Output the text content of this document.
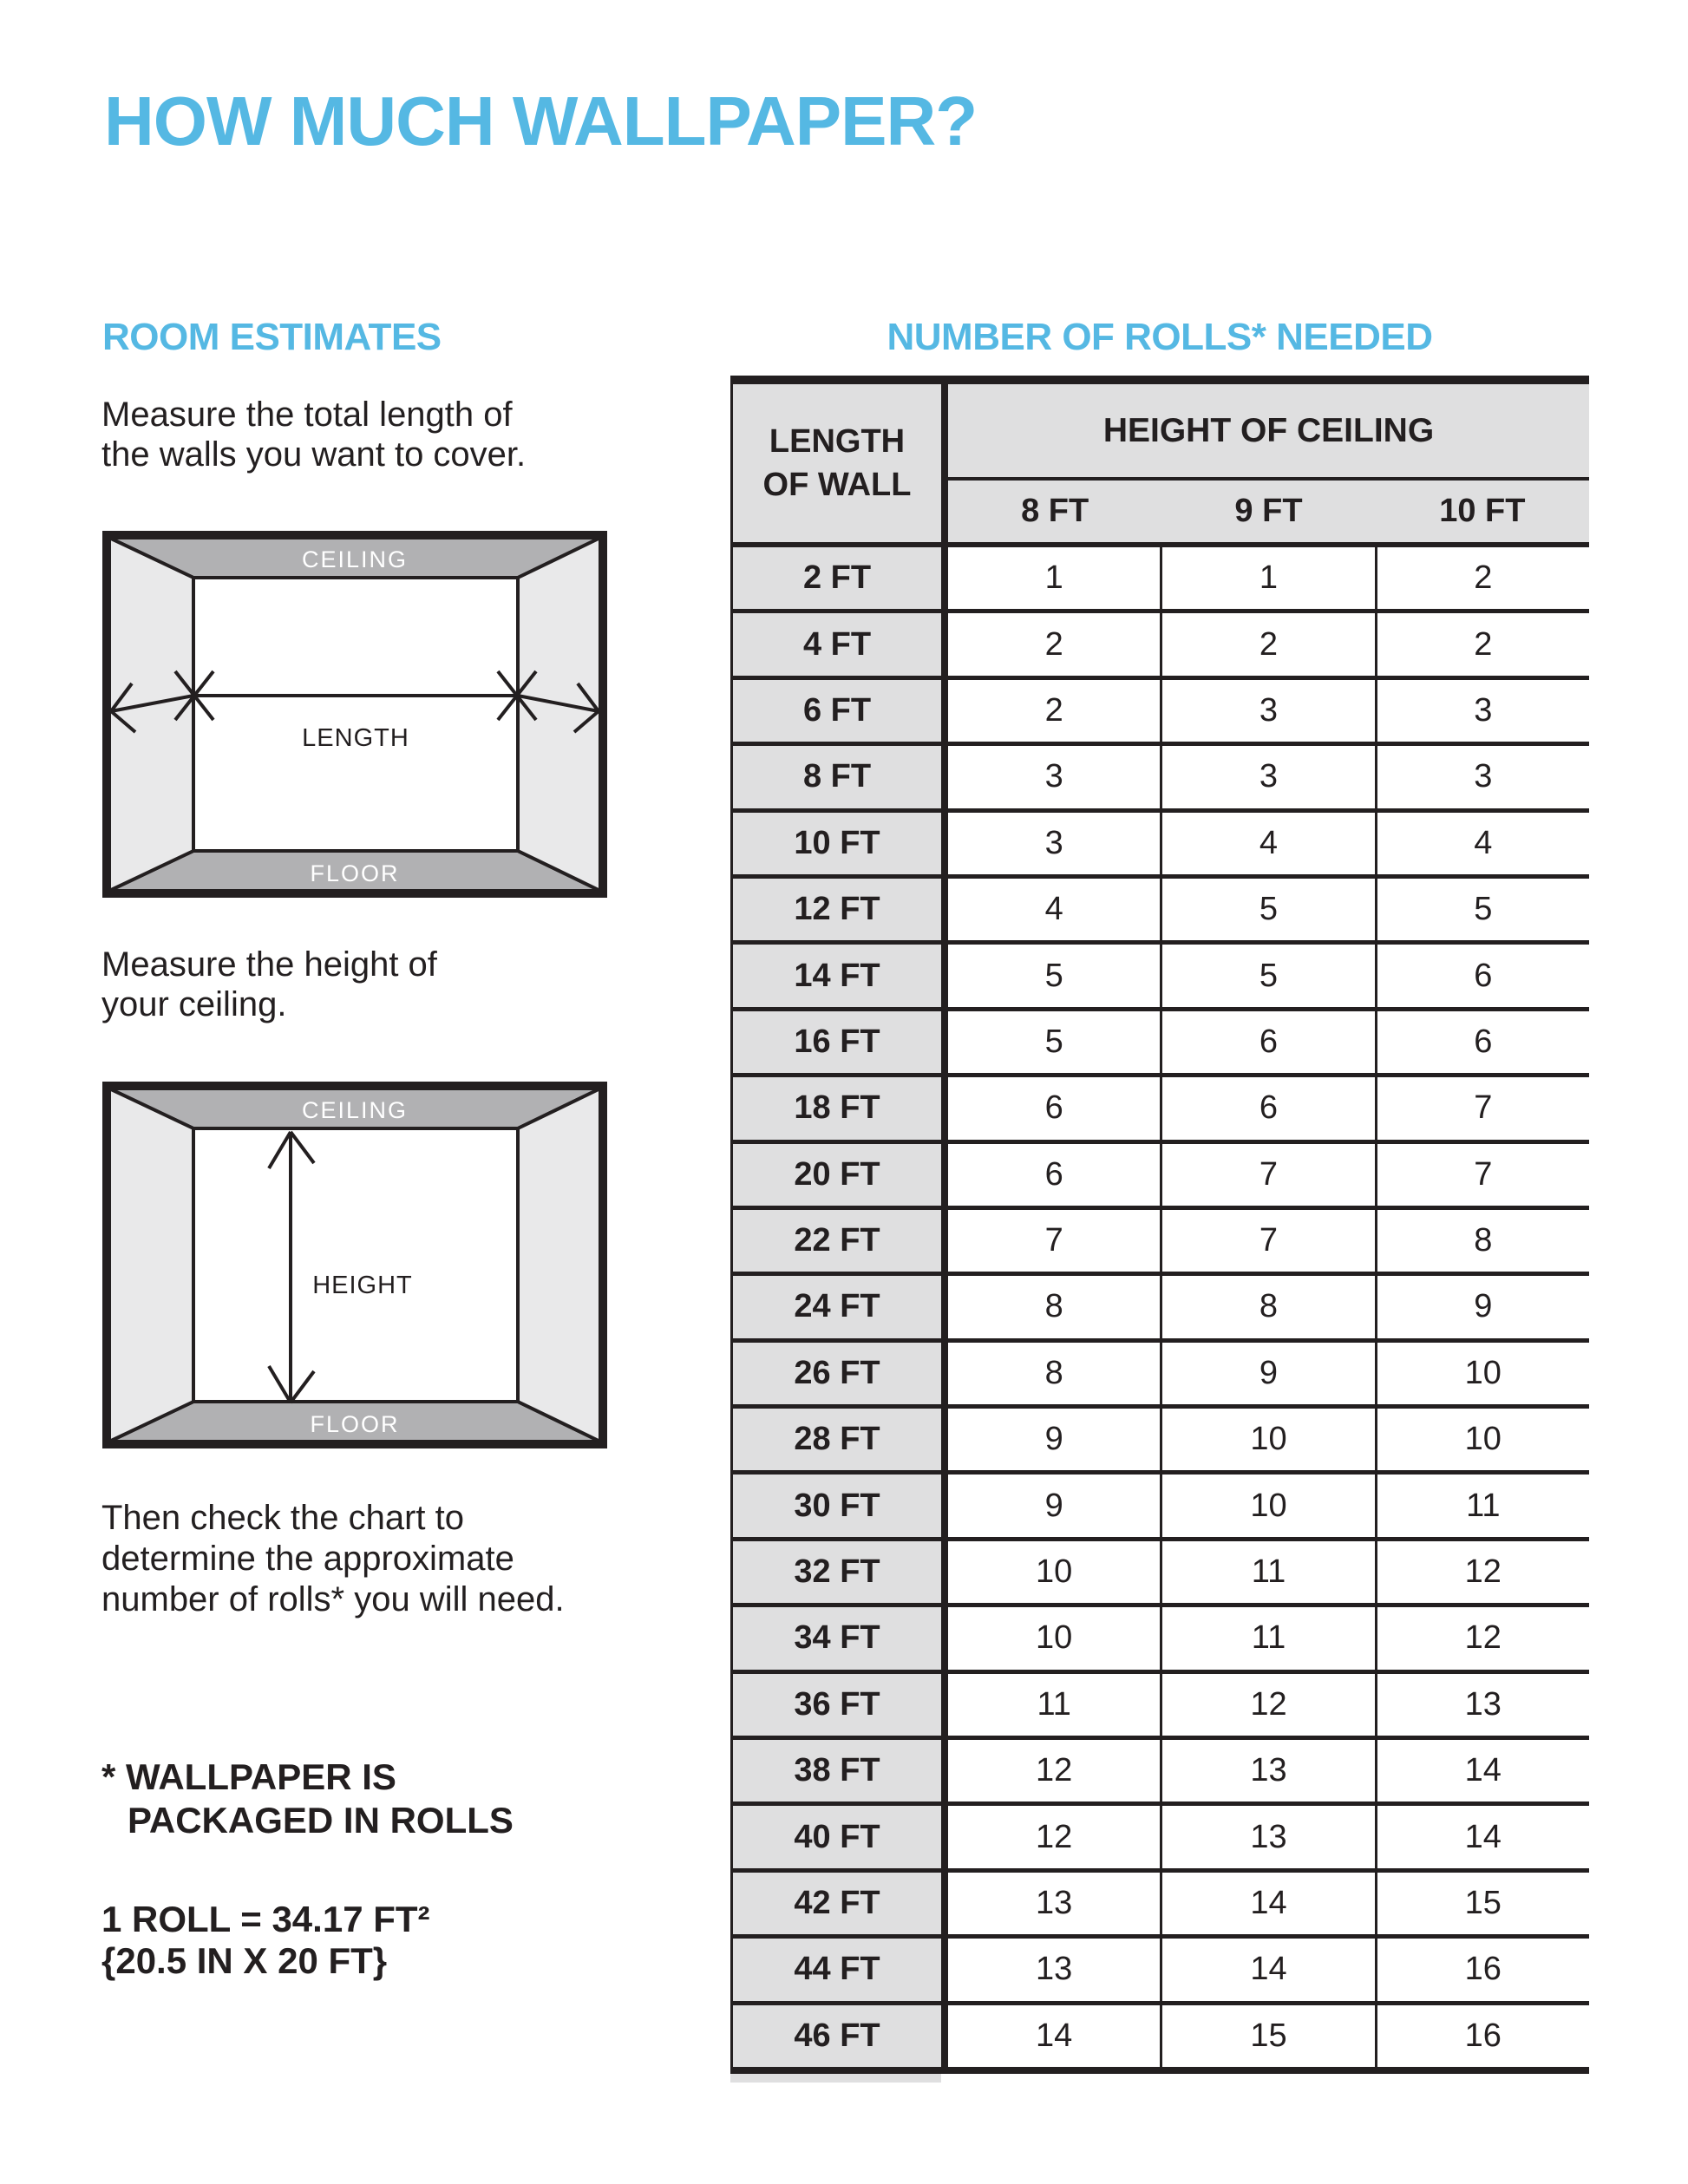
HOW MUCH WALLPAPER?
ROOM ESTIMATES	NUMBER OF ROLLS* NEEDED
Measure the total length of
the walls you want to cover.
CEILING
FLOOR
LENGTH
Measure the height of
your ceiling.
CEILING
FLOOR
HEIGHT
Then check the chart to
determine the approximate
number of rolls* you will need.
* WALLPAPER IS
PACKAGED IN ROLLS
1 ROLL = 34.17 FT²
{20.5 IN X 20 FT}
LENGTH
OF WALL
HEIGHT OF CEILING
8 FT	9 FT	10 FT
2 FT	1	1	2
4 FT	2	2	2
6 FT	2	3	3
8 FT	3	3	3
10 FT	3	4	4
12 FT	4	5	5
14 FT	5	5	6
16 FT	5	6	6
18 FT	6	6	7
20 FT	6	7	7
22 FT	7	7	8
24 FT	8	8	9
26 FT	8	9	10
28 FT	9	10	10
30 FT	9	10	11
32 FT	10	11	12
34 FT	10	11	12
36 FT	11	12	13
38 FT	12	13	14
40 FT	12	13	14
42 FT	13	14	15
44 FT	13	14	16
46 FT	14	15	16
